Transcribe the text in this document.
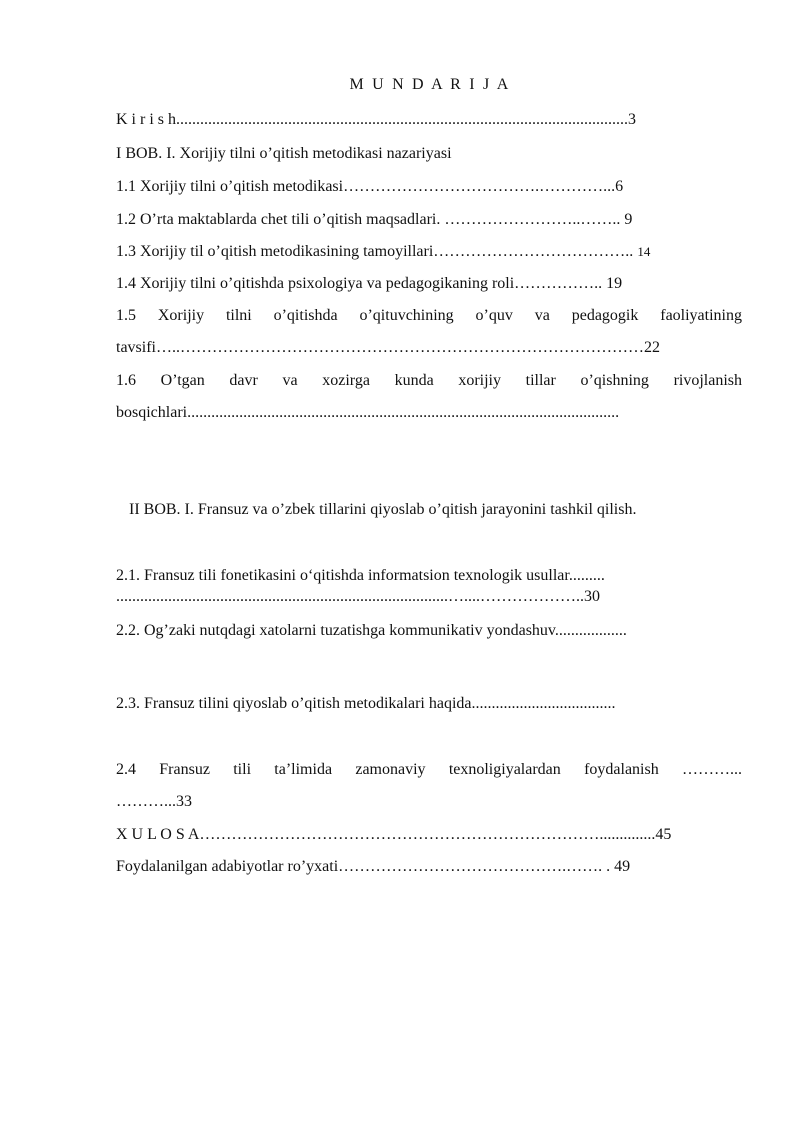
M U N D A R I J A
K i r i s h.................................................................................................................3
I BOB. I. Xorijiy tilni o’qitish metodikasi nazariyasi
1.1 Xorijiy tilni o’qitish metodikasi……………………………….…………...6
1.2 O’rta maktablarda chet tili o’qitish maqsadlari. ……………………..…….. 9
1.3 Xorijiy til o’qitish metodikasining tamoyillari……………………………….. 14
1.4 Xorijiy tilni o’qitishda psixologiya va pedagogikaning roli…………….. 19
1.5 Xorijiy tilni o’qitishda o’qituvchining o’quv va pedagogik faoliyatining
tavsifi…..……………………………………………………………………………22
1.6 O’tgan davr va xozirga kunda xorijiy tillar o’qishning rivojlanish
bosqichlari............................................................................................................
II BOB. I. Fransuz va o’zbek tillarini qiyoslab o’qitish jarayonini tashkil qilish.
2.1. Fransuz tili fonetikasini o‘qitishda informatsion texnologik usullar.........
...................................................................................…....………………..30
2.2. Og’zaki nutqdagi xatolarni tuzatishga kommunikativ yondashuv..................
2.3. Fransuz tilini qiyoslab o’qitish metodikalari haqida....................................
2.4 Fransuz tili ta’limida zamonaviy texnoligiyalardan foydalanish ………...
………...33
X U L O S A…………………………………………………………………..............45
Foydalanilgan adabiyotlar ro’yxati…………………………………….……. . 49
